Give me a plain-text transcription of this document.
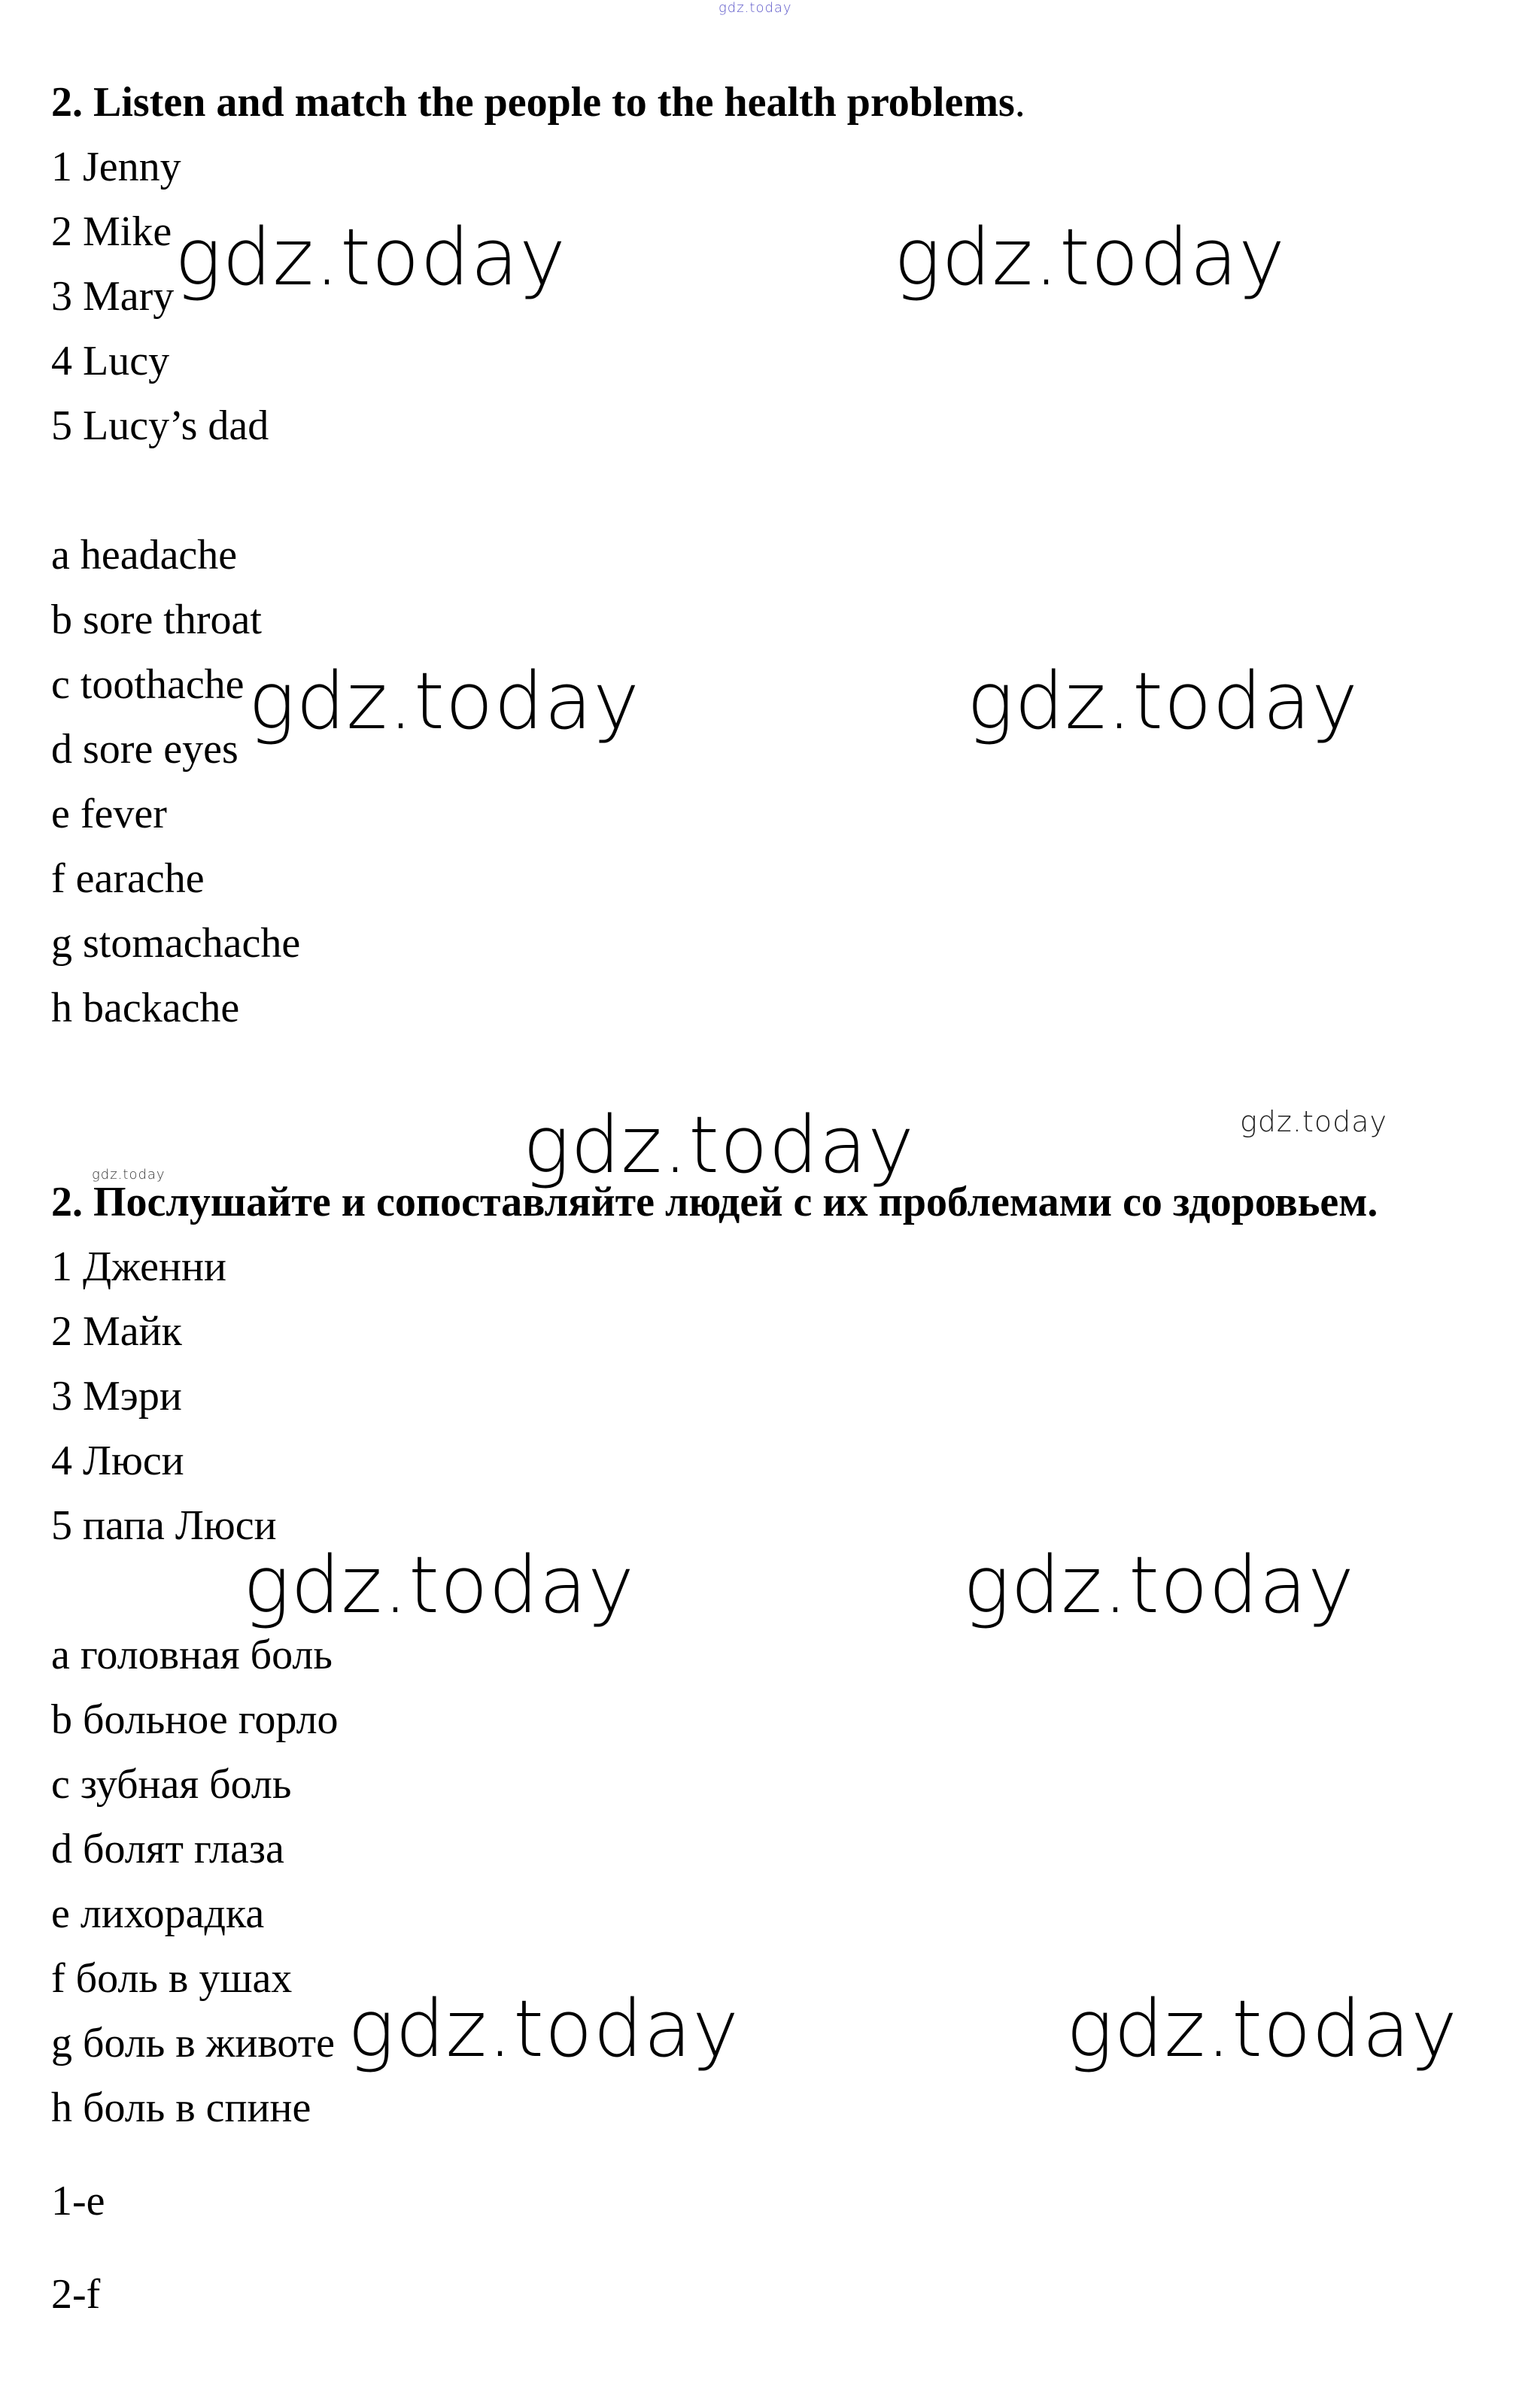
gdz.today
gdz.today	gdz.today
gdz.today	gdz.today
gdz.today	gdz.today
gdz.today
gdz.today	gdz.today
gdz.today	gdz.today

2. Listen and match the people to the health problems.

1 Jenny

2 Mike

3 Mary

4 Lucy

5 Lucy’s dad

a headache

b sore throat

c toothache

d sore eyes

e fever

f earache

g stomachache

h backache

2. Послушайте и сопоставляйте людей с их проблемами со здоровьем.

1 Дженни

2 Майк

3 Мэри

4 Люси

5 папа Люси

a головная боль

b больное горло

c зубная боль

d болят глаза

e лихорадка

f боль в ушах

g боль в животе

h боль в спине

1-e

2-f
